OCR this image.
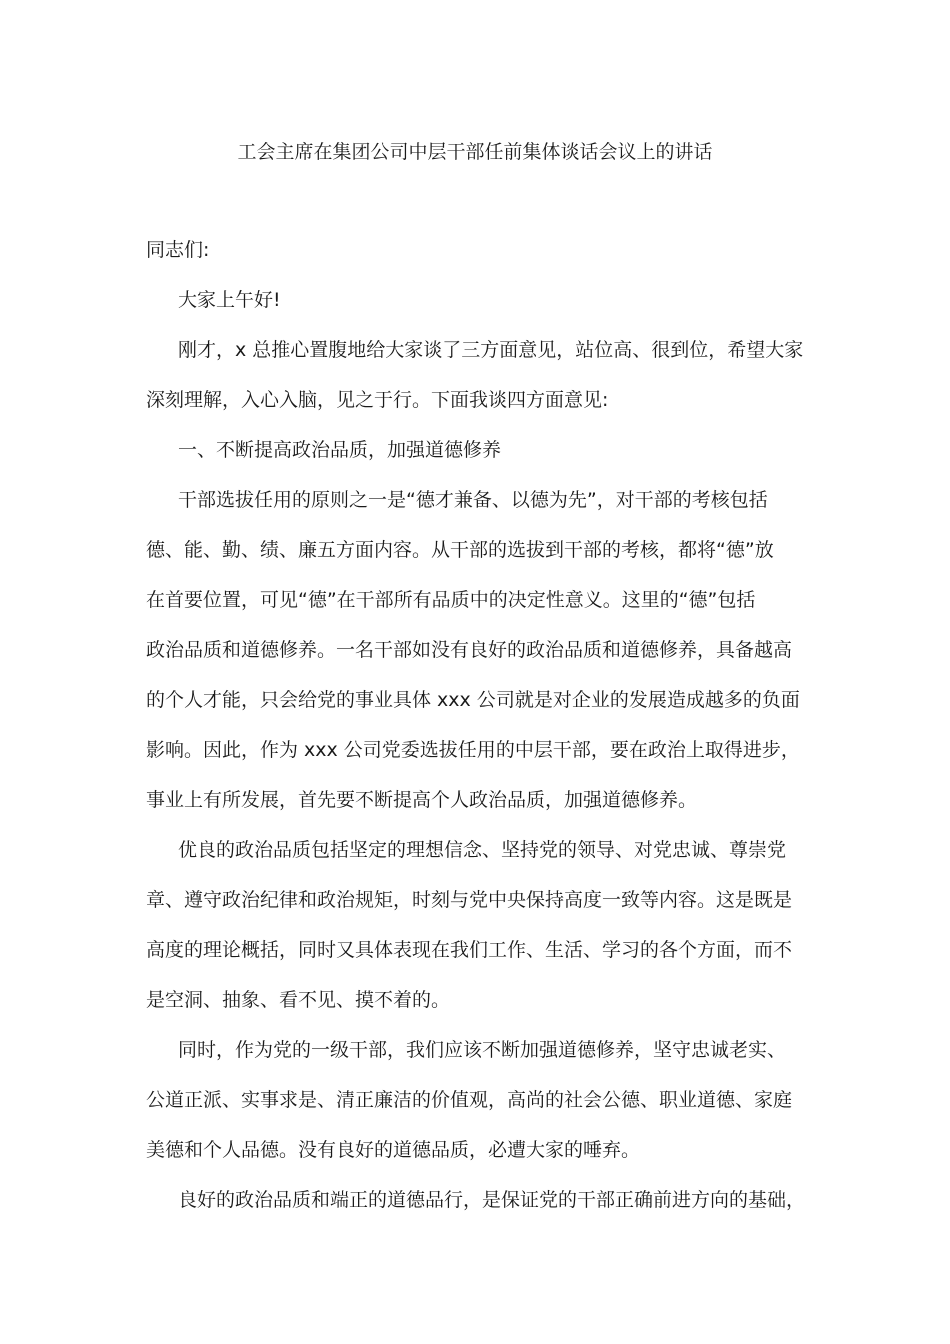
工会主席在集团公司中层干部任前集体谈话会议上的讲话
同志们:
大家上午好!
刚才，x 总推心置腹地给大家谈了三方面意见，站位高、很到位，希望大家
深刻理解，入心入脑，见之于行。下面我谈四方面意见:
一、不断提高政治品质，加强道德修养
干部选拔任用的原则之一是“德才兼备、以德为先”，对干部的考核包括
德、能、勤、绩、廉五方面内容。从干部的选拔到干部的考核，都将“德”放
在首要位置，可见“德”在干部所有品质中的决定性意义。这里的“德”包括
政治品质和道德修养。一名干部如没有良好的政治品质和道德修养，具备越高
的个人才能，只会给党的事业具体 xxx 公司就是对企业的发展造成越多的负面
影响。因此，作为 xxx 公司党委选拔任用的中层干部，要在政治上取得进步，
事业上有所发展，首先要不断提高个人政治品质，加强道德修养。
优良的政治品质包括坚定的理想信念、坚持党的领导、对党忠诚、尊崇党
章、遵守政治纪律和政治规矩，时刻与党中央保持高度一致等内容。这是既是
高度的理论概括，同时又具体表现在我们工作、生活、学习的各个方面，而不
是空洞、抽象、看不见、摸不着的。
同时，作为党的一级干部，我们应该不断加强道德修养，坚守忠诚老实、
公道正派、实事求是、清正廉洁的价值观，高尚的社会公德、职业道德、家庭
美德和个人品德。没有良好的道德品质，必遭大家的唾弃。
良好的政治品质和端正的道德品行，是保证党的干部正确前进方向的基础，
